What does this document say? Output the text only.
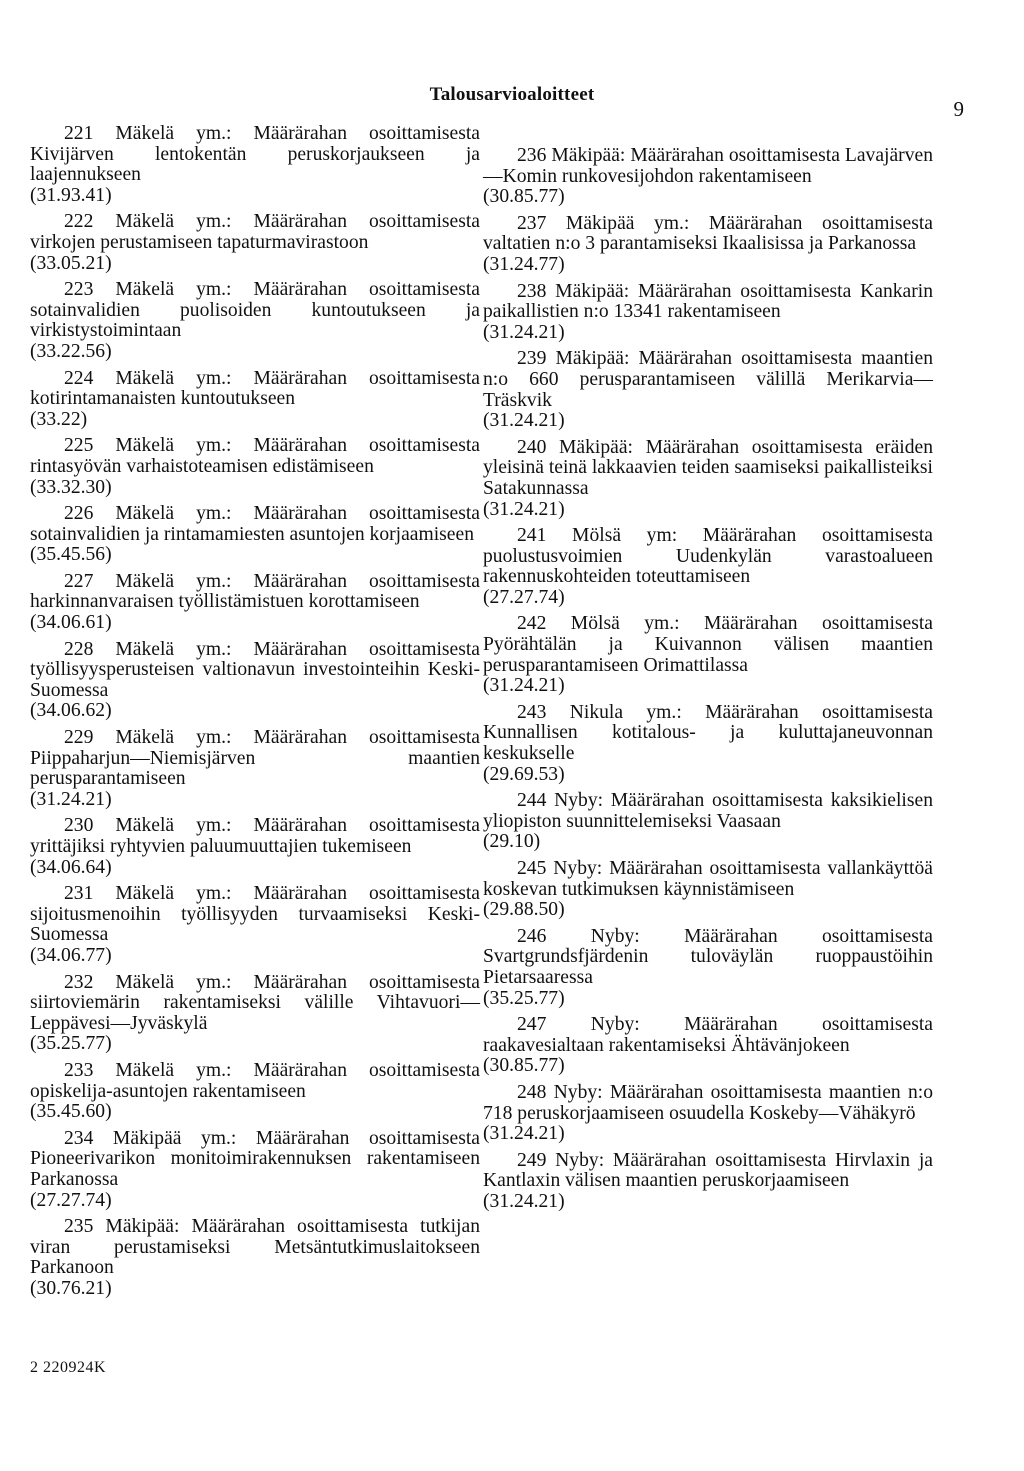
Talousarvioaloitteet
9

221 Mäkelä ym.: Määrärahan osoittamisesta Kivijärven lentokentän peruskorjaukseen ja laajennukseen
(31.93.41)

222 Mäkelä ym.: Määrärahan osoittamisesta virkojen perustamiseen tapaturmavirastoon
(33.05.21)

223 Mäkelä ym.: Määrärahan osoittamisesta sotainvalidien puolisoiden kuntoutukseen ja virkistystoimintaan
(33.22.56)

224 Mäkelä ym.: Määrärahan osoittamisesta kotirintamanaisten kuntoutukseen
(33.22)

225 Mäkelä ym.: Määrärahan osoittamisesta rintasyövän varhaistoteamisen edistämiseen
(33.32.30)

226 Mäkelä ym.: Määrärahan osoittamisesta sotainvalidien ja rintamamiesten asuntojen korjaamiseen
(35.45.56)

227 Mäkelä ym.: Määrärahan osoittamisesta harkinnanvaraisen työllistämistuen korottamiseen
(34.06.61)

228 Mäkelä ym.: Määrärahan osoittamisesta työllisyysperusteisen valtionavun investointeihin Keski-Suomessa
(34.06.62)

229 Mäkelä ym.: Määrärahan osoittamisesta Piippaharjun—Niemisjärven maantien perusparantamiseen
(31.24.21)

230 Mäkelä ym.: Määrärahan osoittamisesta yrittäjiksi ryhtyvien paluumuuttajien tukemiseen
(34.06.64)

231 Mäkelä ym.: Määrärahan osoittamisesta sijoitusmenoihin työllisyyden turvaamiseksi Keski-Suomessa
(34.06.77)

232 Mäkelä ym.: Määrärahan osoittamisesta siirtoviemärin rakentamiseksi välille Vihtavuori—Leppävesi—Jyväskylä
(35.25.77)

233 Mäkelä ym.: Määrärahan osoittamisesta opiskelija-asuntojen rakentamiseen
(35.45.60)

234 Mäkipää ym.: Määrärahan osoittamisesta Pioneerivarikon monitoimirakennuksen rakentamiseen Parkanossa
(27.27.74)

235 Mäkipää: Määrärahan osoittamisesta tutkijan viran perustamiseksi Metsäntutkimuslaitokseen Parkanoon
(30.76.21)

236 Mäkipää: Määrärahan osoittamisesta Lavajärven—Komin runkovesijohdon rakentamiseen
(30.85.77)

237 Mäkipää ym.: Määrärahan osoittamisesta valtatien n:o 3 parantamiseksi Ikaalisissa ja Parkanossa
(31.24.77)

238 Mäkipää: Määrärahan osoittamisesta Kankarin paikallistien n:o 13341 rakentamiseen
(31.24.21)

239 Mäkipää: Määrärahan osoittamisesta maantien n:o 660 perusparantamiseen välillä Merikarvia—Träskvik
(31.24.21)

240 Mäkipää: Määrärahan osoittamisesta eräiden yleisinä teinä lakkaavien teiden saamiseksi paikallisteiksi Satakunnassa
(31.24.21)

241 Mölsä ym: Määrärahan osoittamisesta puolustusvoimien Uudenkylän varastoalueen rakennuskohteiden toteuttamiseen
(27.27.74)

242 Mölsä ym.: Määrärahan osoittamisesta Pyörähtälän ja Kuivannon välisen maantien perusparantamiseen Orimattilassa
(31.24.21)

243 Nikula ym.: Määrärahan osoittamisesta Kunnallisen kotitalous- ja kuluttajaneuvonnan keskukselle
(29.69.53)

244 Nyby: Määrärahan osoittamisesta kaksikielisen yliopiston suunnittelemiseksi Vaasaan
(29.10)

245 Nyby: Määrärahan osoittamisesta vallankäyttöä koskevan tutkimuksen käynnistämiseen
(29.88.50)

246 Nyby: Määrärahan osoittamisesta Svartgrundsfjärdenin tuloväylän ruoppaustöihin Pietarsaaressa
(35.25.77)

247 Nyby: Määrärahan osoittamisesta raakavesialtaan rakentamiseksi Ähtävänjokeen
(30.85.77)

248 Nyby: Määrärahan osoittamisesta maantien n:o 718 peruskorjaamiseen osuudella Koskeby—Vähäkyrö
(31.24.21)

249 Nyby: Määrärahan osoittamisesta Hirvlaxin ja Kantlaxin välisen maantien peruskorjaamiseen
(31.24.21)

2 220924K
